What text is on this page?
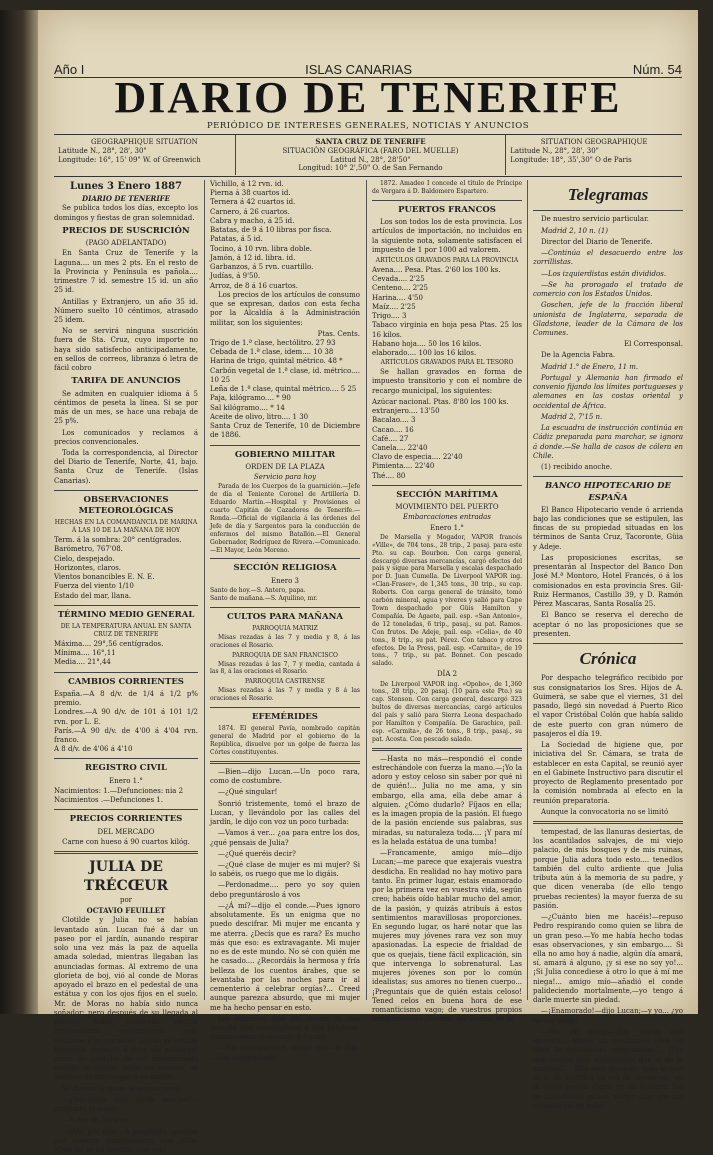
Año I	ISLAS CANARIAS	Núm. 54
DIARIO DE TENERIFE
PERIÓDICO DE INTERESES GENERALES, NOTICIAS Y ANUNCIOS
GEOGRAPHIQUE SITUATION
Latitude N., 28°, 28', 30"
Longitude: 16°, 15' 09" W. of Greenwich
SANTA CRUZ DE TENERIFE
SITUACIÓN GEOGRÁFICA (FARO DEL MUELLE)
Latitud N., 28°, 28'50"
Longitud: 10° 2',50" O. de San Fernando
SITUATION GEOGRAPHIQUE
Latitude N., 28°, 28', 30"
Longitude: 18°, 35',30" O de Paris
Lunes 3 Enero 1887
DIARIO DE TENERIFE

Se publica todos los días, excepto los domingos y fiestas de gran solemnidad.

PRECIOS DE SUSCRICIÓN
(PAGO ADELANTADO)

En Santa Cruz de Tenerife y la Laguna.... un mes 2 pts. En el resto de la Provincia y Península es pañola.... trimestre 7 id. semestre 15 id. un año 25 id.

Antillas y Extranjero, un año 35 id. Número suelto 10 céntimos, atrasado 25 idem.

No se servirá ninguna suscrición fuera de Sta. Cruz, cuyo importe no haya sido satisfecho anticipadamente, en sellos de correos, libranza ó letra de fácil cobro

TARIFA DE ANUNCIOS

Se admiten en cualquier idioma á 5 céntimos de peseta la línea. Si se por más de un mes, se hace una rebaja de 25 p%.

Los comunicados y reclamos á precios convencionales.

Toda la correspondencia, al Director del Diario de Tenerife, Norte, 41, bajo. Santa Cruz de Tenerife. (Islas Canarias).

OBSERVACIONES METEOROLÓGICAS
HECHAS EN LA COMANDANCIA DE MARINA Á LAS 10 DE LA MAÑANA DE HOY
Term. á la sombra: 20° centígrados.
Barómetro, 767'08.
Cielo, despejado.
Horizontes, claros.
Vientos bonancibles E. N. E.
Fuerza del viento 1/10
Estado del mar, llana.
TÉRMINO MEDIO GENERAL
DE LA TEMPERATURA ANUAL EN SANTA CRUZ DE TENERIFE
Máxima.... 29°,56 centígrados.
Mínima.... 16°,11
Media.... 21°,44
CAMBIOS CORRIENTES
España.—A 8 d/v. de 1/4 á 1/2 p% premio.
Londres.—A 90 d/v. de 101 á 101 1/2 rvn. por L. E.
París.—A 90 d/v. de 4'00 á 4'04 rvn. franco.
A 8 d/v. de 4'06 á 4'10
REGISTRO CIVIL
Enero 1.°
Nacimientos: 1.—Defunciones: nia 2
Nacimientos .—Defunciones 1.
PRECIOS CORRIENTES
DEL MERCADO
Carne con hueso á 90 cuartos kilóg.
JULIA DE TRÉCŒUR
por
OCTAVIO FEUILLET

Clotilde y Julia no se habían levantado aún. Lucan fué á dar un paseo por el jardín, aunando respirar solo una vez más la paz de aquella amada soledad, mientras llegaban las anunciadas formas. Al extremo de una glorieta de boj, vió al conde de Moras apoyado el brazo en el pedestal de una estátua y con los ojos fijos en el suelo. Mr. de Moras no había sido nunca soñador; pero después de su llegada al palacio había mostrado ciertas inclinaciones melancólicas muy extrañas á su carácter. Lucan se estaba tranquilo respecto á esto; sin embargo, como no gustaba de ser importunado cuando el mismo tenía un secreto, se abstuvo de interrogar á su amigo.

Se dieron la mano al encontrarse.

—¿Volvisteis muy tarde anoche?—preguntó el conde.

—A eso de las tres

—¡Ah! por eso... A propósito, gracias por vuestra complacencia con Julia. ¿Qué tal se ha portado con vos?

Vichillo, á 12 rvn. id.
Pierna á 38 cuartos id.
Ternera á 42 cuartos id.
Carnero, á 26 cuartos.
Cabra y macho, á 25 id.
Batatas, de 9 á 10 libras por fisca.
Patatas, á 5 id.
Tocino, á 10 rvn. libra doble.
Jamón, á 12 id. libra. id.
Garbanzos, á 5 rvn. cuartillo.
Judías, á 9'50.
Arroz, de 8 á 16 cuartos.

Los precios de los artículos de consumo que se expresan, dados con esta fecha por la Alcaldía á la Administración militar, son los siguientes:

Ptas. Cents.
Trigo de 1.ª clase, hectólitro. 27 93
Cebada de 1.ª clase, idem.... 10 38
Harina de trigo, quintal métrico. 48 *
Carbón vegetal de 1.ª clase, id. métrico.... 10 25
Leña de 1.ª clase, quintal métrico.... 5 25
Paja, kilógramo.... * 90
Sal kilógramo.... * 14
Aceite de olivo, litro.... 1 30
Santa Cruz de Tenerife, 10 de Diciembre de 1886.
GOBIERNO MILITAR
ORDEN DE LA PLAZA
Servicio para hoy

Parada de los Cuerpos de la guarnición.—Jefe de día el Teniente Coronel de Artillería D. Eduardo Martín.—Hospital y Provisiones el cuarto Capitán de Cazadores de Tenerife.—Ronda.—Oficial de vigilancia á las órdenes del Jefe de día y Sargentos para la conducción de enfermos del mismo Batallón.—El General Gobernador, Rodríguez de Rivera.—Comunicado.—El Mayor, León Moreno.

SECCIÓN RELIGIOSA
Enero 3
Santo de hoy.—S. Antero, papa.
Santo de mañana.—S. Aquilino, mr.
CULTOS PARA MAÑANA
PARROQUIA MATRIZ

Misas rezadas á las 7 y media y 8, á las oraciones el Rosario.

PARROQUIA DE SAN FRANCISCO

Misas rezadas á las 7, 7 y media, cantada á las 8, á las oraciones el Rosario.

PARROQUIA CASTRENSE

Misas rezadas á las 7 y media y 8 á las oraciones el Rosario.

EFEMÉRIDES

1874. El general Pavía, nombrado capitán general de Madrid por el gobierno de la República, disuelve por un golpe de fuerza las Córtes constituyentes.

—Bien—dijo Lucan.—Un poco rara, como de costumbre.

—¿Qué singular!

Sonrió tristemente, tomó el brazo de Lucan, y llevándolo por las calles del jardín, le dijo con voz un poco turbada:

—Vamos á ver... ¿oa para entre los dos, ¿qué pensais de Julia?

—¿Qué queréis decir?

—¿Qué clase de mujer es mi mujer? Si lo sabéis, os ruego que me lo digáis.

—Perdonadme.... pero yo soy quien debo preguntároslo á vos

—¿Á mí?—dijo el conde.—Pues ignoro absolutamente. Es un enigma que no puedo descifrar. Mi mujer me encanta y me aterra. ¿Decís que es rara? Es mucho más que eso: es extravagante. Mi mujer no es de este mundo. No sé con quién me he casado.... ¿Recordáis la hermosa y fría belleza de los cuentos árabes, que se levantaba por las noches para ir al cementerio á celebrar orgías?... Creed aunque parezca absurdo, que mi mujer me ha hecho pensar en esto.

Los extraños ojos del conde, la risa forzada que acompañaba á sus palabras, conmovieron vivamente á Lucan.

—Por consiguiente, amigo mío—le dijo,—sois desgraciado.

1872. Amadeo I concede el título de Príncipe de Vergara á D. Baldomero Espartero.

PUERTOS FRANCOS

Los son todos los de esta provincia. Los artículos de importación, no incluidos en la siguiente nota, solamente satisfacen el impuesto de 1 por 1000 ad valorem.

ARTÍCULOS GRAVADOS PARA LA PROVINCIA
Avena.... Pesa. Ptas. 2'60 los 100 ks.
Cevada.... 2'25
Centeno.... 2'25
Harina.... 4'50
Maíz.... 2'25
Trigo.... 3
Tabaco virginia en hoja pesa Ptas. 25 los 16 kilos.
Habano hoja.... 50 los 16 kilos.
elaborado.... 100 los 16 kilos.
ARTÍCULOS GRAVADOS PARA EL TESORO

Se hallan gravados en forma de impuesto transitorio y con el nombre de recargo municipal, los siguientes:

Azúcar nacional. Ptas. 8'80 los 100 ks.
extranjero.... 13'50
Bacalao.... 3
Cacao.... 16
Café.... 27
Canela.... 22'40
Clavo de especia.... 22'40
Pimienta.... 22'40
Thé.... 80
SECCIÓN MARÍTIMA
MOVIMIENTO DEL PUERTO
Embarcaciones entradas
Enero 1.°

De Marsella y Mogador, VAPOR francés «Ville», de 704 tons., 28 trip., 2 pasaj. para este Pto. su cap. Bourbon. Con carga general, descargó diversas mercancías, cargó efectos del país y sigue para Marsella y escalas despachado por D. Juan Cumella. De Liverpool VAPOR ing. «Clan-Fraser», de 1,345 tons., 30 trip., su cap. Roberts. Con carga general de tránsito, tomó carbón mineral, agua y víveres y salió para Cape Town despachado por Güis Hamilton y Compañía. De Agaete, pail. esp. «San Antonio», de 12 toneladas, 6 trip., pasaj., su pat. Ramos. Con frutos. De Adeje, pail. esp. «Celia», de 40 tons., 8 trip., su pat. Pérez. Con tabaco y otros efectos. De la Press, pail. esp. «Carmita», de 19 tons., 7 trip., su pat. Bonnet. Con pescado salado.

DÍA 2

De Liverpool VAPOR ing. «Opobo», de 1,360 tons., 28 trip., 20 pasaj. (10 para este Pto.) su cap. Stenson. Con carga general, descargó 323 bultos de diversas mercancías, cargó artículos del país y salió para Sierra Leona despachado por Hamilton y Compañía. De Garachico, pail. esp. «Carmita», de 26 tons., 8 trip., pasaj., su pat. Acosta. Con pescado salado.

—Hasta no más—respondió el conde estrechándole con fuerza la mano.—¡Yo la adoro y estoy celoso sin saber por qué ni de quién!... Julia no me ama, y sin embargo, ella ama, ella debe amar á alguien. ¿Cómo dudarlo? Fíjaos en ella; es la imagen propia de la pasión. El fuego de la pasión enciende sus palabras, sus miradas, su naturaleza toda.... ¡Y para mí es la helada estátua de una tumba!

—Francamente, amigo mío—dijo Lucan;—me parece que exajerais vuestra desdicha. En realidad no hay motivo para tanto. En primer lugar, estais enamorado por la primera vez en vuestra vida, según creo; habéis oído hablar mucho del amor, de la pasión, y quizás atribuís á estos sentimientos maravillosas proporciones. En segundo lugar, os haré notar que las mujeres muy jóvenes rara vez son muy apasionadas. La especie de frialdad de que os quejais, tiene fácil explicación, sin que intervenga lo sobrenatural. Las mujeres jóvenes son por lo común idealistas; sus amores no tienen cuerpo... ¡Preguntais que de quién estais celoso! Tened celos en buena hora de ese romanticismo vago; de vuestros propios imaginaciones jóvenes, del viento, de la

Telegramas

De nuestro servicio particular.

Madrid 2, 10 n. (1)

Director del Diario de Tenerife.

—Continúa el desacuerdo entre los zorrillistas.

—Los izquierdistas están divididos.

—Se ha prorogado el tratado de comercio con los Estados Unidos.

Goschen, jefe de la fracción liberal unionista de Inglaterra, separada de Gladstone, leader de la Cámara de los Comunes.

El Corresponsal.

De la Agencia Fabra.

Madrid 1.° de Enero, 11 m.

Portugal y Alemania han firmado el convenio fijando los límites portugueses y alemanes en las costas oriental y occidental de África.

Madrid 2, 7'15 n.

La escuadra de instrucción continúa en Cádiz preparada para marchar, se ignora á donde.—Se halla de casos de cólera en Chile.

(1) recibido anoche.

BANCO HIPOTECARIO DE ESPAÑA

El Banco Hipotecario vende ó arrienda bajo las condiciones que se estipulen, las fincas de su propiedad situadas en los términos de Santa Cruz, Tacoronte, Güia y Adeje.

Las proposiciones escritas, se presentarán al Inspector del Banco Don José M.ª Montoro, Hotel Francés, ó á los comisionados en esta provincia Sres. Gil-Ruiz Hermanos, Castillo 39, y D. Ramón Pérez Mascaras, Santa Rosalía 25.

El Banco se reserva el derecho de aceptar ó no las proposiciones que se presenten.

Crónica

Por despacho telegráfico recibido por sus consignatarios los Sres. Hijos de A. Guimerá, se sabe que el viernes, 31 del pasado, llegó sin novedad á Puerto Rico el vapor Cristóbal Colón que había salido de este puerto con gran número de pasajeros el día 19.

La Sociedad de higiene que, por iniciativa del Sr. Cámara, se trata de establecer en esta Capital, se reunió ayer en el Gabinete Instructivo para discutir el proyecto de Reglamento presentado por la comisión nombrada al efecto en la reunión preparatoria.

Aunque la convocatoria no se limitó

tempestad, de las llanuras desiertas, de los acantilados salvajes, de mi viejo palacio, de mis bosques y de mis ruinas, porque Julia adora todo esto.... tenedlos también del culto ardiente que Julia tributa aún á la memoria de su padre, y que dicen veneraba (de ello tengo pruebas recientes) la mayor fuerza de su pasión.

—¿Cuánto bien me hacéis!—repuso Pedro respirando como quien se libra de un gran peso.—Yo me había hecho todas esas observaciones, y sin embargo.... Si ella no amo hoy á nadie, algún día amará, sí, amará á alguno, ¡y si ese no soy yo!... ¡Si Julia concediese á otro lo que á mí me niega!... amigo mío—añadió el conde palideciendo mortalmente,—yo tengo á darle muerte sin piedad.

—¡Enamorado!—dijo Lucan;—y yo... ¿yo no soy nada?

—No, mi amigo—dijo Moras con emoción,—tenéis mi confianza! Dios os libre de debilidades vergonzosas.... ¡Por qué conocí otro sentimiento que el de la amistad?... Ella está devuelto todo lo que se le dá, fortifica en vos de conservar; en la única pasión digna de un hombre. No os abandonaís jamás, amigo mío: vos me consolarais de todo.
